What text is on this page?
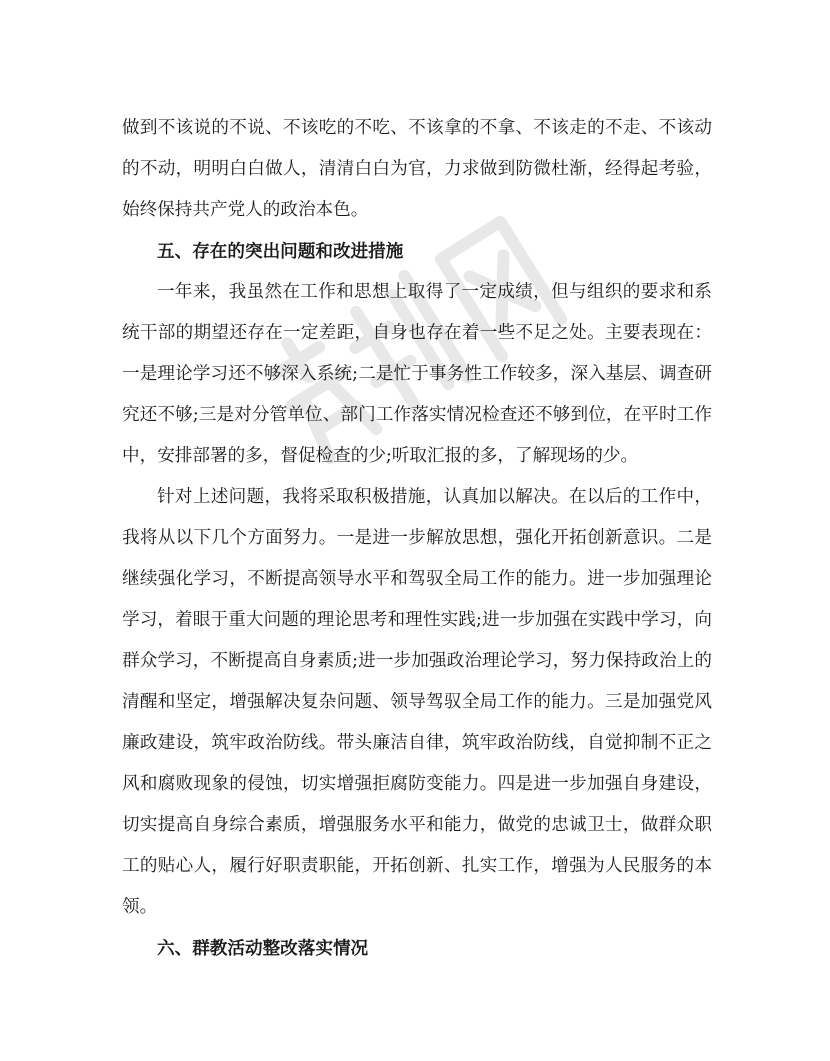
做到不该说的不说、不该吃的不吃、不该拿的不拿、不该走的不走、不该动的不动，明明白白做人，清清白白为官，力求做到防微杜渐，经得起考验，始终保持共产党人的政治本色。

五、存在的突出问题和改进措施

一年来，我虽然在工作和思想上取得了一定成绩，但与组织的要求和系统干部的期望还存在一定差距，自身也存在着一些不足之处。主要表现在：一是理论学习还不够深入系统;二是忙于事务性工作较多，深入基层、调查研究还不够;三是对分管单位、部门工作落实情况检查还不够到位，在平时工作中，安排部署的多，督促检查的少;听取汇报的多，了解现场的少。

针对上述问题，我将采取积极措施，认真加以解决。在以后的工作中，我将从以下几个方面努力。一是进一步解放思想，强化开拓创新意识。二是继续强化学习，不断提高领导水平和驾驭全局工作的能力。进一步加强理论学习，着眼于重大问题的理论思考和理性实践;进一步加强在实践中学习，向群众学习，不断提高自身素质;进一步加强政治理论学习，努力保持政治上的清醒和坚定，增强解决复杂问题、领导驾驭全局工作的能力。三是加强党风廉政建设，筑牢政治防线。带头廉洁自律，筑牢政治防线，自觉抑制不正之风和腐败现象的侵蚀，切实增强拒腐防变能力。四是进一步加强自身建设，切实提高自身综合素质，增强服务水平和能力，做党的忠诚卫士，做群众职工的贴心人，履行好职责职能，开拓创新、扎实工作，增强为人民服务的本领。

六、群教活动整改落实情况
